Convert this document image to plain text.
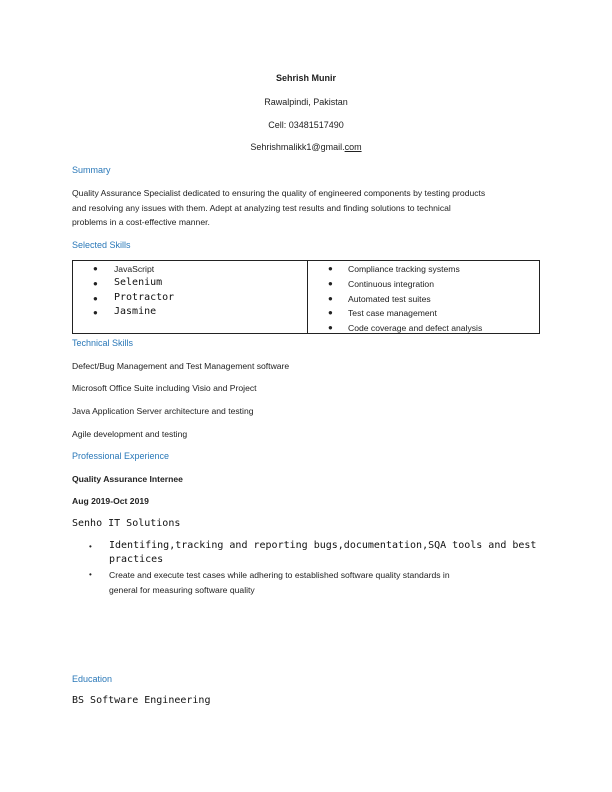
Sehrish Munir
Rawalpindi, Pakistan
Cell: 03481517490
Sehrishmalikk1@gmail.com
Summary
Quality Assurance Specialist dedicated to ensuring the quality of engineered components by testing products
and resolving any issues with them. Adept at analyzing test results and finding solutions to technical
problems in a cost-effective manner.
Selected Skills
● JavaScript
● Selenium
● Protractor
● Jasmine
● Compliance tracking systems
● Continuous integration
● Automated test suites
● Test case management
● Code coverage and defect analysis
Technical Skills
Defect/Bug Management and Test Management software
Microsoft Office Suite including Visio and Project
Java Application Server architecture and testing
Agile development and testing
Professional Experience
Quality Assurance Internee
Aug 2019-Oct 2019
Senho IT Solutions
• Identifing,tracking and reporting bugs,documentation,SQA tools and best
practices
• Create and execute test cases while adhering to established software quality standards in
general for measuring software quality
Education
BS Software Engineering
